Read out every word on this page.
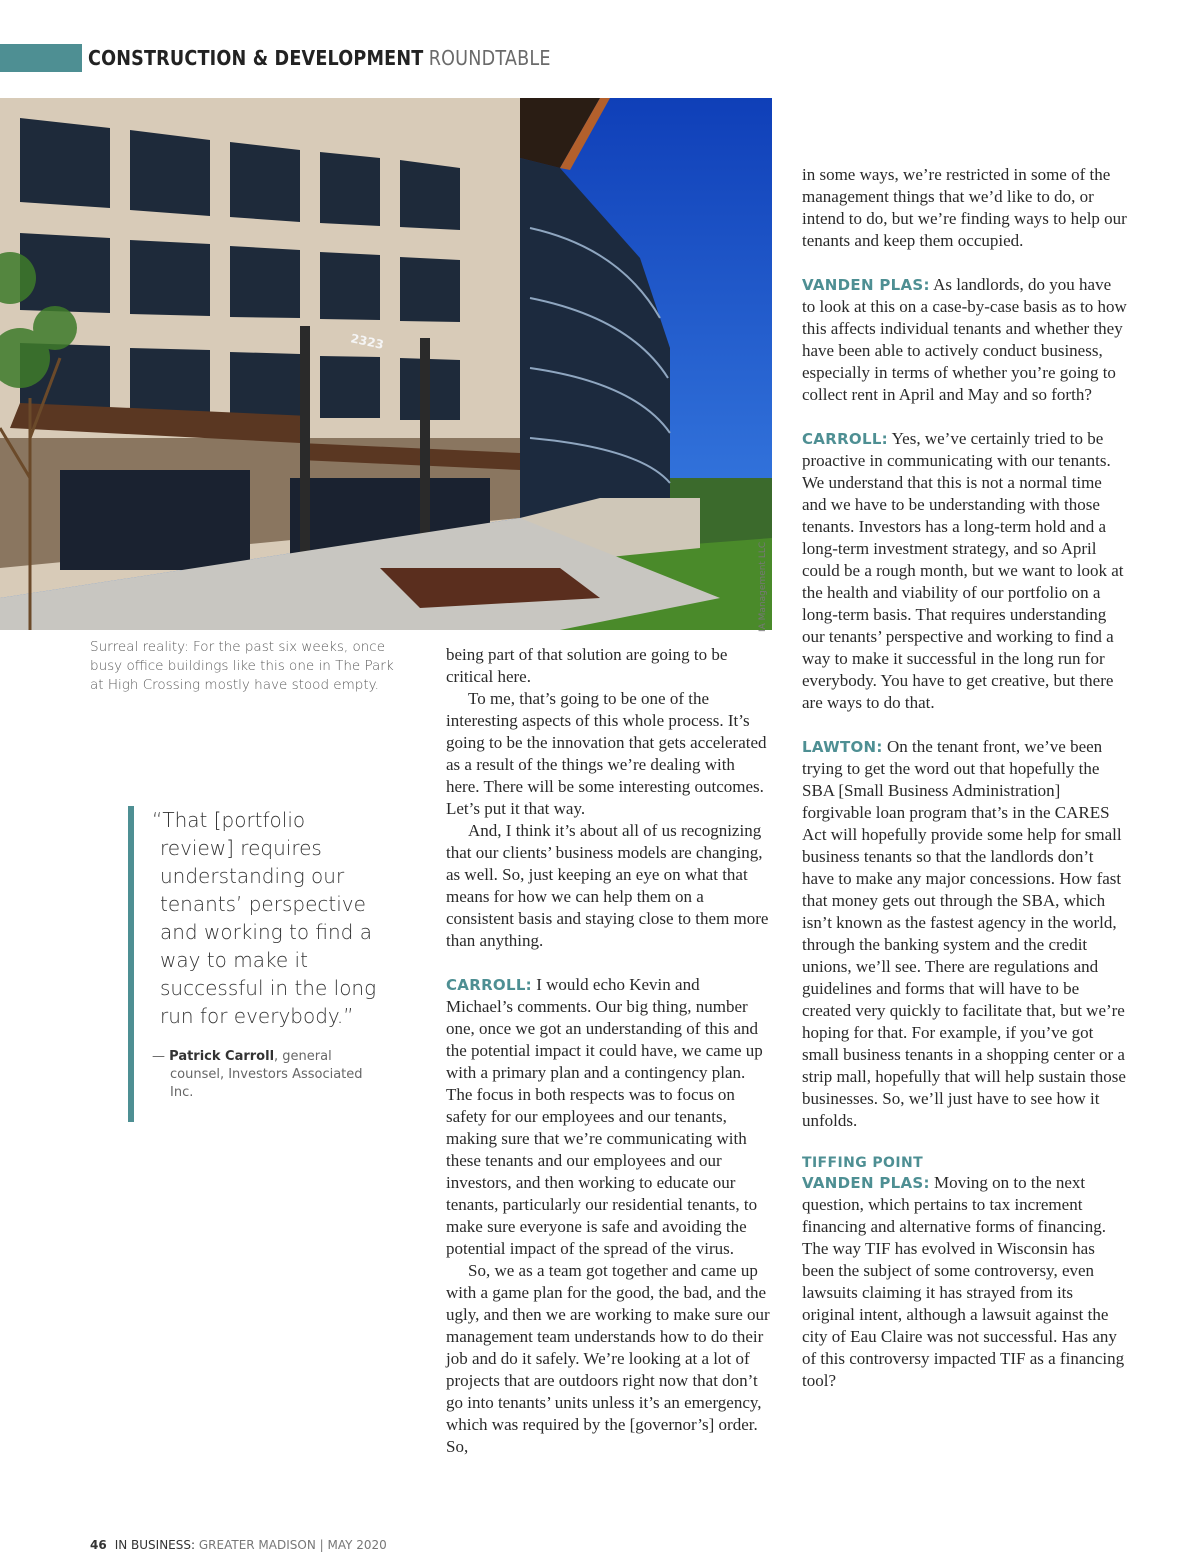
CONSTRUCTION & DEVELOPMENT ROUNDTABLE
2323
IA Management LLC
Surreal reality: For the past six weeks, once busy office buildings like this one in The Park at High Crossing mostly have stood empty.
“That [portfolio review] requires understanding our tenants’ perspective and working to find a way to make it successful in the long run for everybody.”
— Patrick Carroll, general counsel, Investors Associated Inc.

being part of that solution are going to be critical here.

To me, that’s going to be one of the interesting aspects of this whole process. It’s going to be the innovation that gets accelerated as a result of the things we’re dealing with here. There will be some interesting outcomes. Let’s put it that way.

And, I think it’s about all of us recognizing that our clients’ business models are changing, as well. So, just keeping an eye on what that means for how we can help them on a consistent basis and staying close to them more than anything.

CARROLL: I would echo Kevin and Michael’s comments. Our big thing, number one, once we got an understanding of this and the potential impact it could have, we came up with a primary plan and a contingency plan. The focus in both respects was to focus on safety for our employees and our tenants, making sure that we’re communicating with these tenants and our employees and our investors, and then working to educate our tenants, particularly our residential tenants, to make sure everyone is safe and avoiding the potential impact of the spread of the virus.

So, we as a team got together and came up with a game plan for the good, the bad, and the ugly, and then we are working to make sure our management team understands how to do their job and do it safely. We’re looking at a lot of projects that are outdoors right now that don’t go into tenants’ units unless it’s an emergency, which was required by the [governor’s] order. So,

in some ways, we’re restricted in some of the management things that we’d like to do, or intend to do, but we’re finding ways to help our tenants and keep them occupied.

VANDEN PLAS: As landlords, do you have to look at this on a case-by-case basis as to how this affects individual tenants and whether they have been able to actively conduct business, especially in terms of whether you’re going to collect rent in April and May and so forth?

CARROLL: Yes, we’ve certainly tried to be proactive in communicating with our tenants. We understand that this is not a normal time and we have to be understanding with those tenants. Investors has a long-term hold and a long-term investment strategy, and so April could be a rough month, but we want to look at the health and viability of our portfolio on a long-term basis. That requires understanding our tenants’ perspective and working to find a way to make it successful in the long run for everybody. You have to get creative, but there are ways to do that.

LAWTON: On the tenant front, we’ve been trying to get the word out that hopefully the SBA [Small Business Administration] forgivable loan program that’s in the CARES Act will hopefully provide some help for small business tenants so that the landlords don’t have to make any major concessions. How fast that money gets out through the SBA, which isn’t known as the fastest agency in the world, through the banking system and the credit unions, we’ll see. There are regulations and guidelines and forms that will have to be created very quickly to facilitate that, but we’re hoping for that. For example, if you’ve got small business tenants in a shopping center or a strip mall, hopefully that will help sustain those businesses. So, we’ll just have to see how it unfolds.

TIFFING POINT

VANDEN PLAS: Moving on to the next question, which pertains to tax increment financing and alternative forms of financing. The way TIF has evolved in Wisconsin has been the subject of some controversy, even lawsuits claiming it has strayed from its original intent, although a lawsuit against the city of Eau Claire was not successful. Has any of this controversy impacted TIF as a financing tool?

46 IN BUSINESS: GREATER MADISON | MAY 2020
